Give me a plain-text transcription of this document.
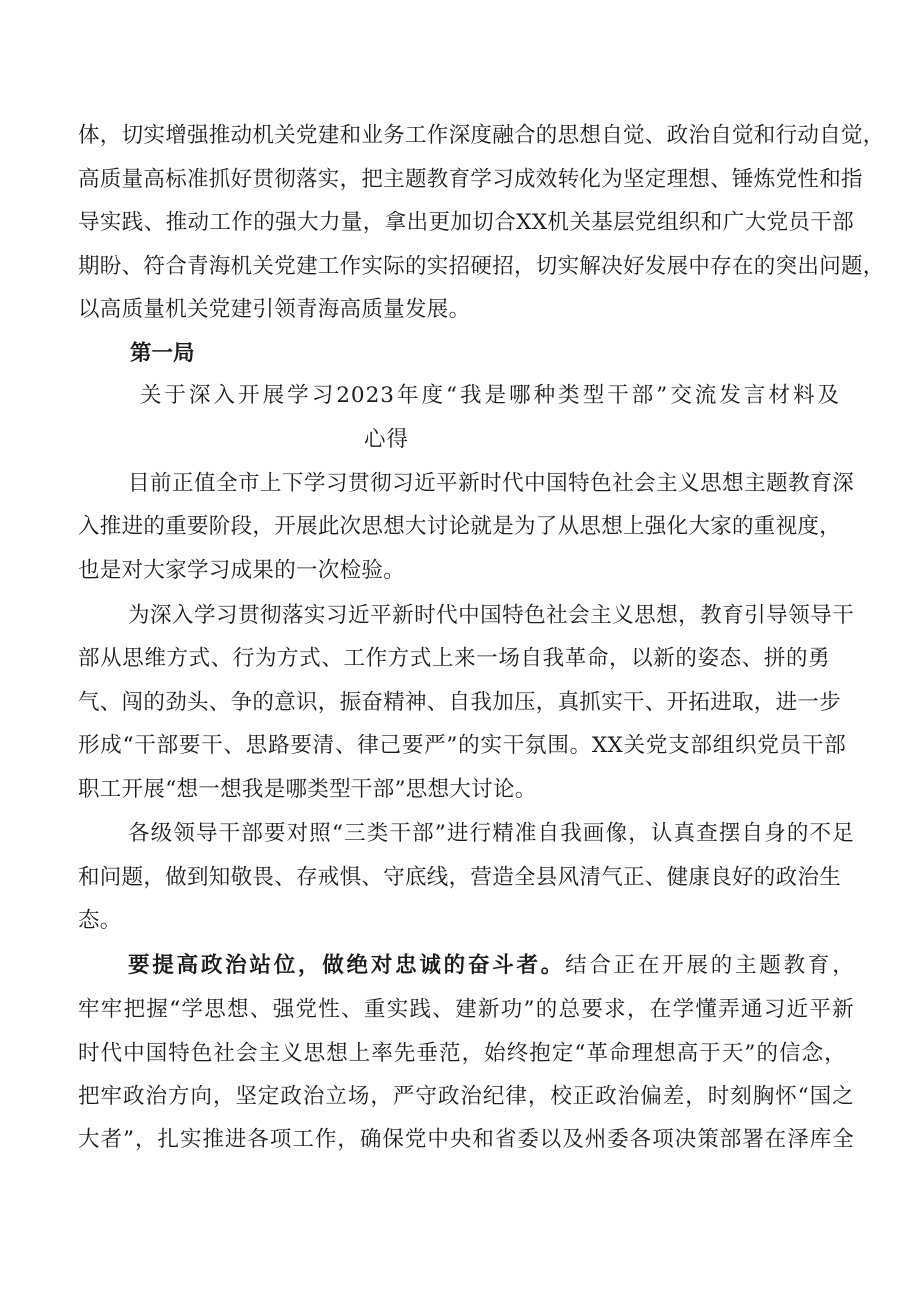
体，切实增强推动机关党建和业务工作深度融合的思想自觉、政治自觉和行动自觉，
高质量高标准抓好贯彻落实，把主题教育学习成效转化为坚定理想、锤炼党性和指
导实践、推动工作的强大力量，拿出更加切合XX机关基层党组织和广大党员干部
期盼、符合青海机关党建工作实际的实招硬招，切实解决好发展中存在的突出问题，
以高质量机关党建引领青海高质量发展。
第一局
关于深入开展学习2023年度“我是哪种类型干部”交流发言材料及
心得
目前正值全市上下学习贯彻习近平新时代中国特色社会主义思想主题教育深
入推进的重要阶段，开展此次思想大讨论就是为了从思想上强化大家的重视度，
也是对大家学习成果的一次检验。
为深入学习贯彻落实习近平新时代中国特色社会主义思想，教育引导领导干
部从思维方式、行为方式、工作方式上来一场自我革命，以新的姿态、拼的勇
气、闯的劲头、争的意识，振奋精神、自我加压，真抓实干、开拓进取，进一步
形成“干部要干、思路要清、律己要严”的实干氛围。XX关党支部组织党员干部
职工开展“想一想我是哪类型干部”思想大讨论。
各级领导干部要对照“三类干部”进行精准自我画像，认真查摆自身的不足
和问题，做到知敬畏、存戒惧、守底线，营造全县风清气正、健康良好的政治生
态。
要提高政治站位，做绝对忠诚的奋斗者。结合正在开展的主题教育，
牢牢把握“学思想、强党性、重实践、建新功”的总要求，在学懂弄通习近平新
时代中国特色社会主义思想上率先垂范，始终抱定“革命理想高于天”的信念，
把牢政治方向，坚定政治立场，严守政治纪律，校正政治偏差，时刻胸怀“国之
大者”，扎实推进各项工作，确保党中央和省委以及州委各项决策部署在泽库全
